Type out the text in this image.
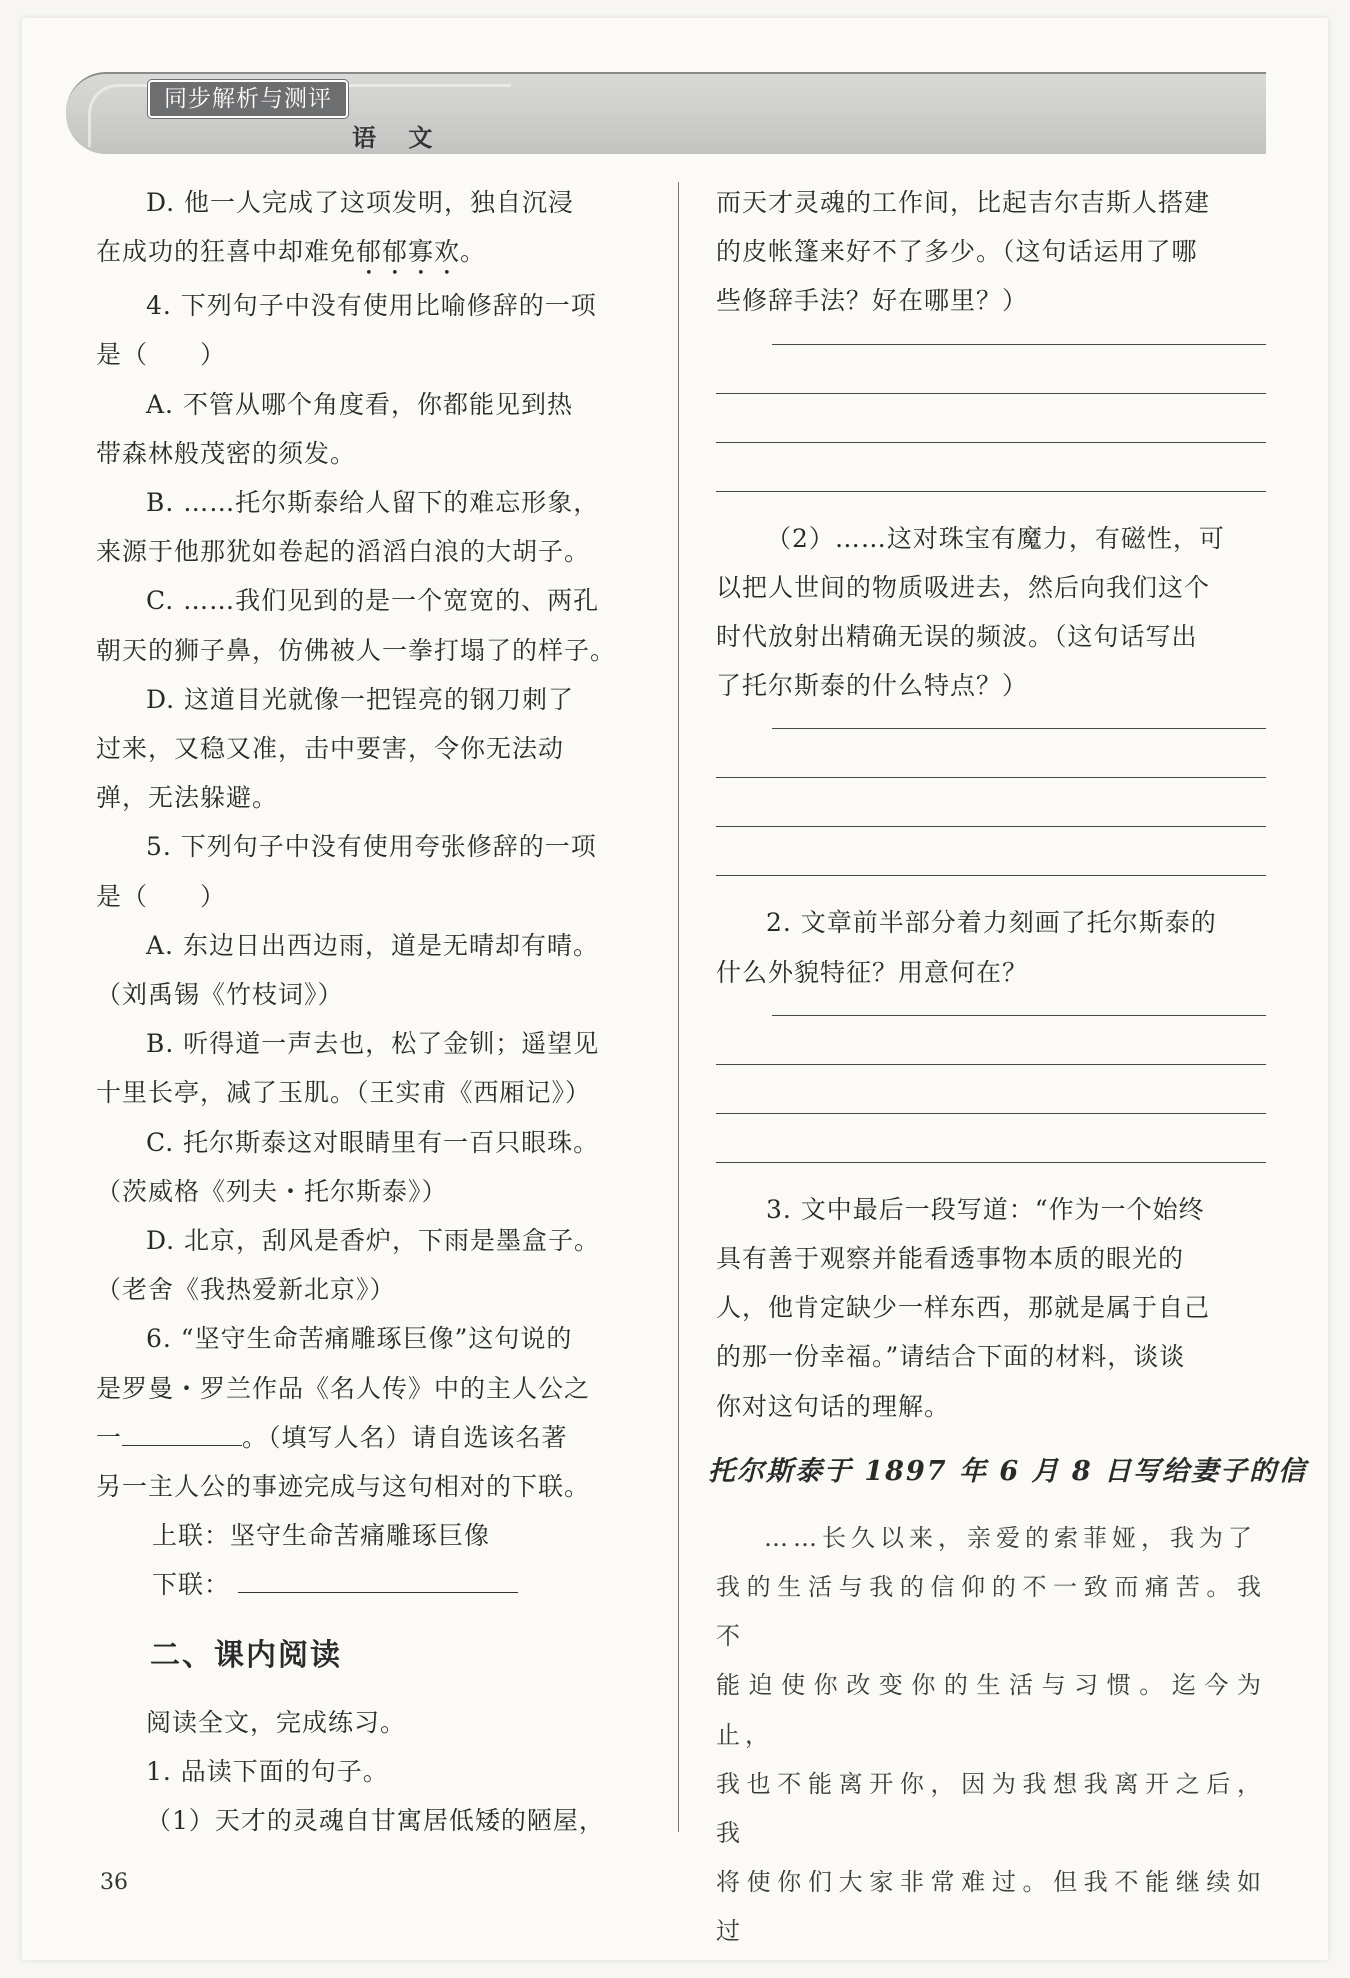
同步解析与测评
语 文

D. 他一人完成了这项发明，独自沉浸

在成功的狂喜中却难免郁郁寡欢。

4. 下列句子中没有使用比喻修辞的一项

是（　　）

A. 不管从哪个角度看，你都能见到热

带森林般茂密的须发。

B. ……托尔斯泰给人留下的难忘形象，

来源于他那犹如卷起的滔滔白浪的大胡子。

C. ……我们见到的是一个宽宽的、两孔

朝天的狮子鼻，仿佛被人一拳打塌了的样子。

D. 这道目光就像一把锃亮的钢刀刺了

过来，又稳又准，击中要害，令你无法动

弹，无法躲避。

5. 下列句子中没有使用夸张修辞的一项

是（　　）

A. 东边日出西边雨，道是无晴却有晴。

（刘禹锡《竹枝词》）

B. 听得道一声去也，松了金钏；遥望见

十里长亭，减了玉肌。（王实甫《西厢记》）

C. 托尔斯泰这对眼睛里有一百只眼珠。

（茨威格《列夫・托尔斯泰》）

D. 北京，刮风是香炉，下雨是墨盒子。

（老舍《我热爱新北京》）

6. “坚守生命苦痛雕琢巨像”这句说的

是罗曼・罗兰作品《名人传》中的主人公之

一	。（填写人名）请自选该名著

另一主人公的事迹完成与这句相对的下联。

上联：坚守生命苦痛雕琢巨像

下联：

二、课内阅读

阅读全文，完成练习。

1. 品读下面的句子。

（1）天才的灵魂自甘寓居低矮的陋屋，

而天才灵魂的工作间，比起吉尔吉斯人搭建

的皮帐篷来好不了多少。（这句话运用了哪

些修辞手法？好在哪里？）

（2）……这对珠宝有魔力，有磁性，可

以把人世间的物质吸进去，然后向我们这个

时代放射出精确无误的频波。（这句话写出

了托尔斯泰的什么特点？）

2. 文章前半部分着力刻画了托尔斯泰的

什么外貌特征？用意何在？

3. 文中最后一段写道：“作为一个始终

具有善于观察并能看透事物本质的眼光的

人，他肯定缺少一样东西，那就是属于自己

的那一份幸福。”请结合下面的材料，谈谈

你对这句话的理解。

托尔斯泰于 1897 年 6 月 8 日写给妻子的信

……长久以来，亲爱的索菲娅，我为了

我的生活与我的信仰的不一致而痛苦。我不

能迫使你改变你的生活与习惯。迄今为止，

我也不能离开你，因为我想我离开之后，我

将使你们大家非常难过。但我不能继续如过

36
